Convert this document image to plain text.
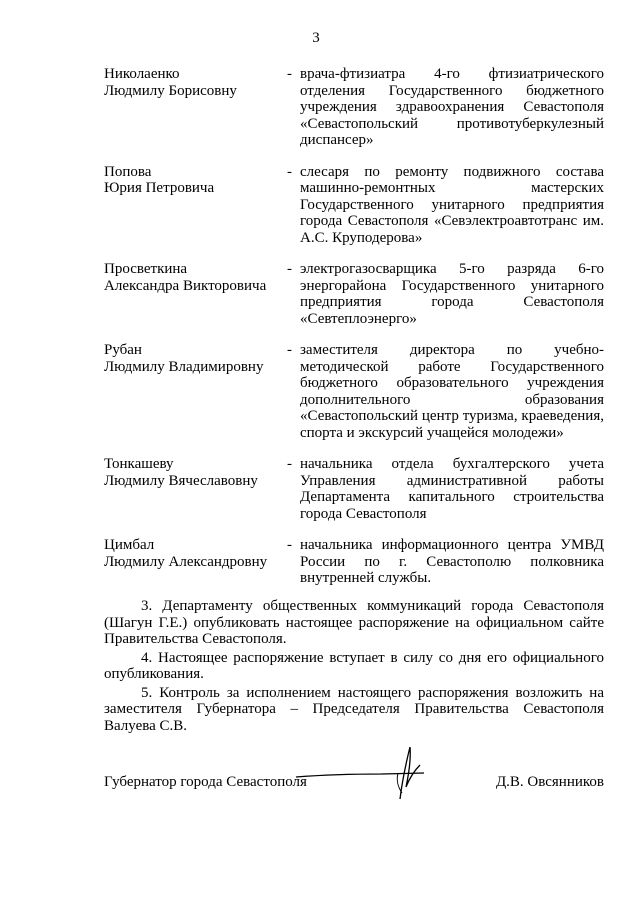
3
Николаенко
Людмилу Борисовну
- врача-фтизиатра 4-го фтизиатрического отделения Государственного бюджетного учреждения здравоохранения Севастополя «Севастопольский противотуберкулезный диспансер»
Попова
Юрия Петровича
- слесаря по ремонту подвижного состава машинно-ремонтных мастерских Государственного унитарного предприятия города Севастополя «Севэлектроавтотранс им. А.С. Круподерова»
Просветкина
Александра Викторовича
- электрогазосварщика 5-го разряда 6-го энергорайона Государственного унитарного предприятия города Севастополя «Севтеплоэнерго»
Рубан
Людмилу Владимировну
- заместителя директора по учебно-методической работе Государственного бюджетного образовательного учреждения дополнительного образования «Севастопольский центр туризма, краеведения, спорта и экскурсий учащейся молодежи»
Тонкашеву
Людмилу Вячеславовну
- начальника отдела бухгалтерского учета Управления административной работы Департамента капитального строительства города Севастополя
Цимбал
Людмилу Александровну
- начальника информационного центра УМВД России по г. Севастополю полковника внутренней службы.

3. Департаменту общественных коммуникаций города Севастополя (Шагун Г.Е.) опубликовать настоящее распоряжение на официальном сайте Правительства Севастополя.

4. Настоящее распоряжение вступает в силу со дня его официального опубликования.

5. Контроль за исполнением настоящего распоряжения возложить на заместителя Губернатора – Председателя Правительства Севастополя Валуева С.В.

Губернатор города Севастополя	Д.В. Овсянников
